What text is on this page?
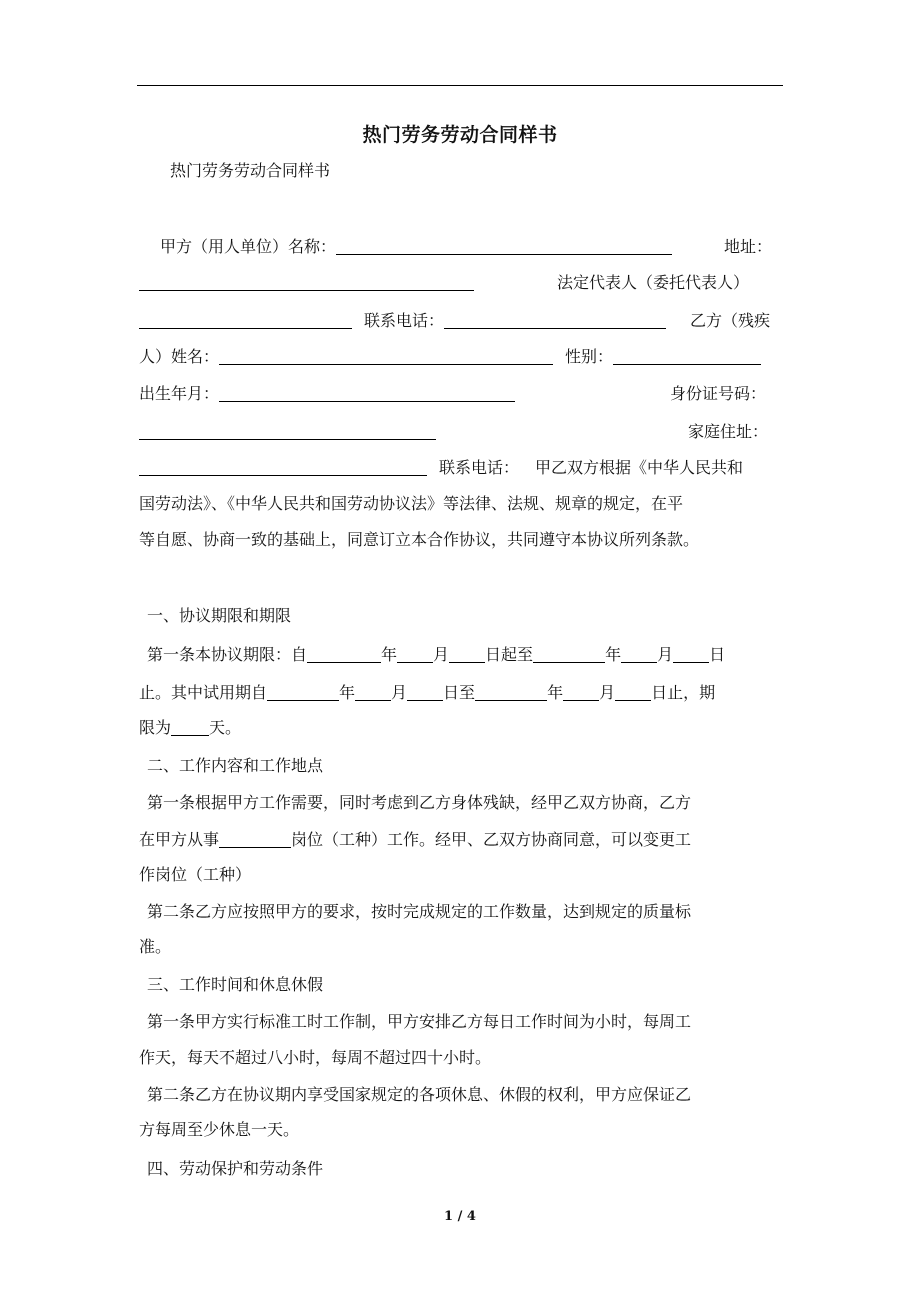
热门劳务劳动合同样书
热门劳务劳动合同样书
甲方（用人单位）名称：	地址：
法定代表人（委托代表人）
联系电话：	乙方（残疾
人）姓名：	性别：
出生年月：	身份证号码：
家庭住址：
联系电话： 甲乙双方根据《中华人民共和
国劳动法》、《中华人民共和国劳动协议法》等法律、法规、规章的规定，在平
等自愿、协商一致的基础上，同意订立本合作协议，共同遵守本协议所列条款。
一、协议期限和期限
第一条本协议期限：自	年 月 日起至	年 月 日
止。其中试用期自	年 月 日至	年 月 日止，期
限为 天。
二、工作内容和工作地点
第一条根据甲方工作需要，同时考虑到乙方身体残缺，经甲乙双方协商，乙方
在甲方从事	岗位（工种）工作。经甲、乙双方协商同意，可以变更工
作岗位（工种）
第二条乙方应按照甲方的要求，按时完成规定的工作数量，达到规定的质量标
准。
三、工作时间和休息休假
第一条甲方实行标准工时工作制，甲方安排乙方每日工作时间为小时，每周工
作天，每天不超过八小时，每周不超过四十小时。
第二条乙方在协议期内享受国家规定的各项休息、休假的权利，甲方应保证乙
方每周至少休息一天。
四、劳动保护和劳动条件
1 / 4
